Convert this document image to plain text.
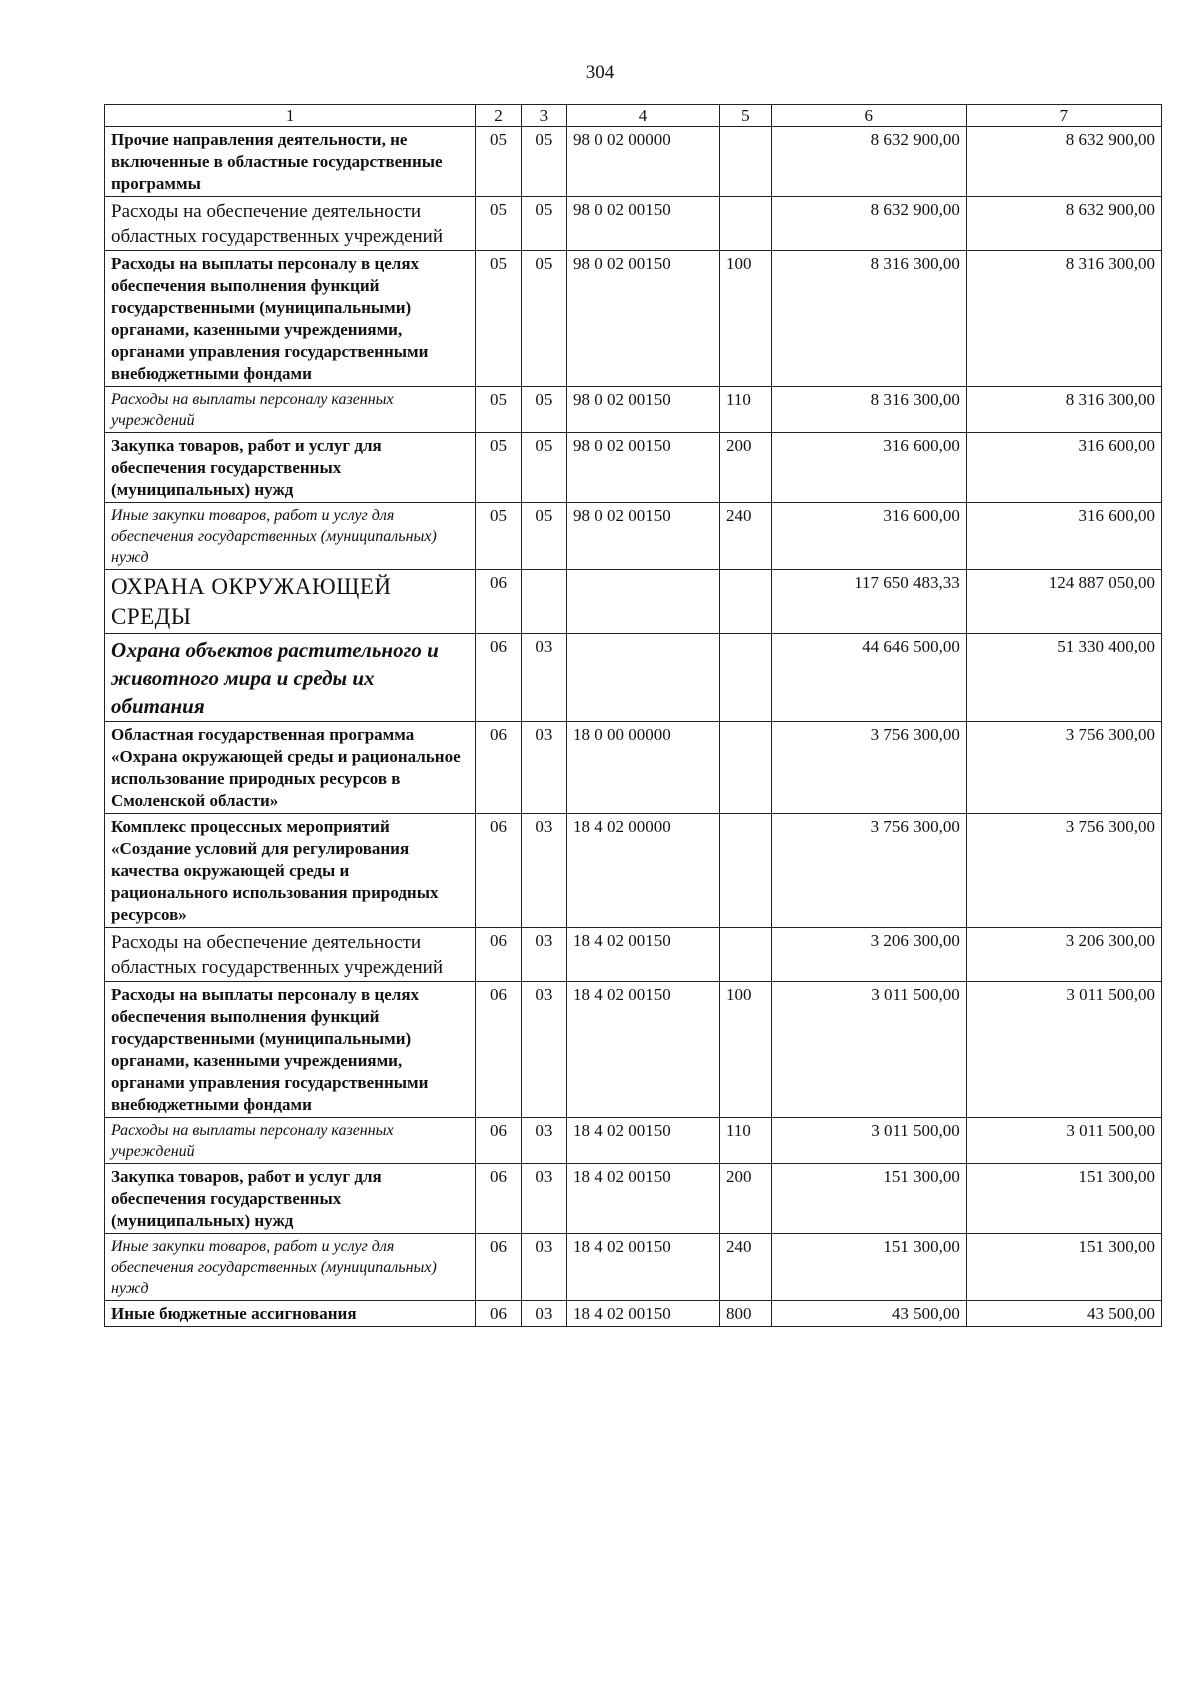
304
1	2	3	4	5	6	7
Прочие направления деятельности, не включенные в областные государственные программы	05	05	98 0 02 00000		8 632 900,00	8 632 900,00
Расходы на обеспечение деятельности областных государственных учреждений	05	05	98 0 02 00150		8 632 900,00	8 632 900,00
Расходы на выплаты персоналу в целях обеспечения выполнения функций государственными (муниципальными) органами, казенными учреждениями, органами управления государственными внебюджетными фондами	05	05	98 0 02 00150	100	8 316 300,00	8 316 300,00
Расходы на выплаты персоналу казенных учреждений	05	05	98 0 02 00150	110	8 316 300,00	8 316 300,00
Закупка товаров, работ и услуг для обеспечения государственных (муниципальных) нужд	05	05	98 0 02 00150	200	316 600,00	316 600,00
Иные закупки товаров, работ и услуг для обеспечения государственных (муниципальных) нужд	05	05	98 0 02 00150	240	316 600,00	316 600,00
ОХРАНА ОКРУЖАЮЩЕЙ СРЕДЫ	06				117 650 483,33	124 887 050,00
Охрана объектов растительного и животного мира и среды их обитания	06	03			44 646 500,00	51 330 400,00
Областная государственная программа «Охрана окружающей среды и рациональное использование природных ресурсов в Смоленской области»	06	03	18 0 00 00000		3 756 300,00	3 756 300,00
Комплекс процессных мероприятий «Создание условий для регулирования качества окружающей среды и рационального использования природных ресурсов»	06	03	18 4 02 00000		3 756 300,00	3 756 300,00
Расходы на обеспечение деятельности областных государственных учреждений	06	03	18 4 02 00150		3 206 300,00	3 206 300,00
Расходы на выплаты персоналу в целях обеспечения выполнения функций государственными (муниципальными) органами, казенными учреждениями, органами управления государственными внебюджетными фондами	06	03	18 4 02 00150	100	3 011 500,00	3 011 500,00
Расходы на выплаты персоналу казенных учреждений	06	03	18 4 02 00150	110	3 011 500,00	3 011 500,00
Закупка товаров, работ и услуг для обеспечения государственных (муниципальных) нужд	06	03	18 4 02 00150	200	151 300,00	151 300,00
Иные закупки товаров, работ и услуг для обеспечения государственных (муниципальных) нужд	06	03	18 4 02 00150	240	151 300,00	151 300,00
Иные бюджетные ассигнования	06	03	18 4 02 00150	800	43 500,00	43 500,00
